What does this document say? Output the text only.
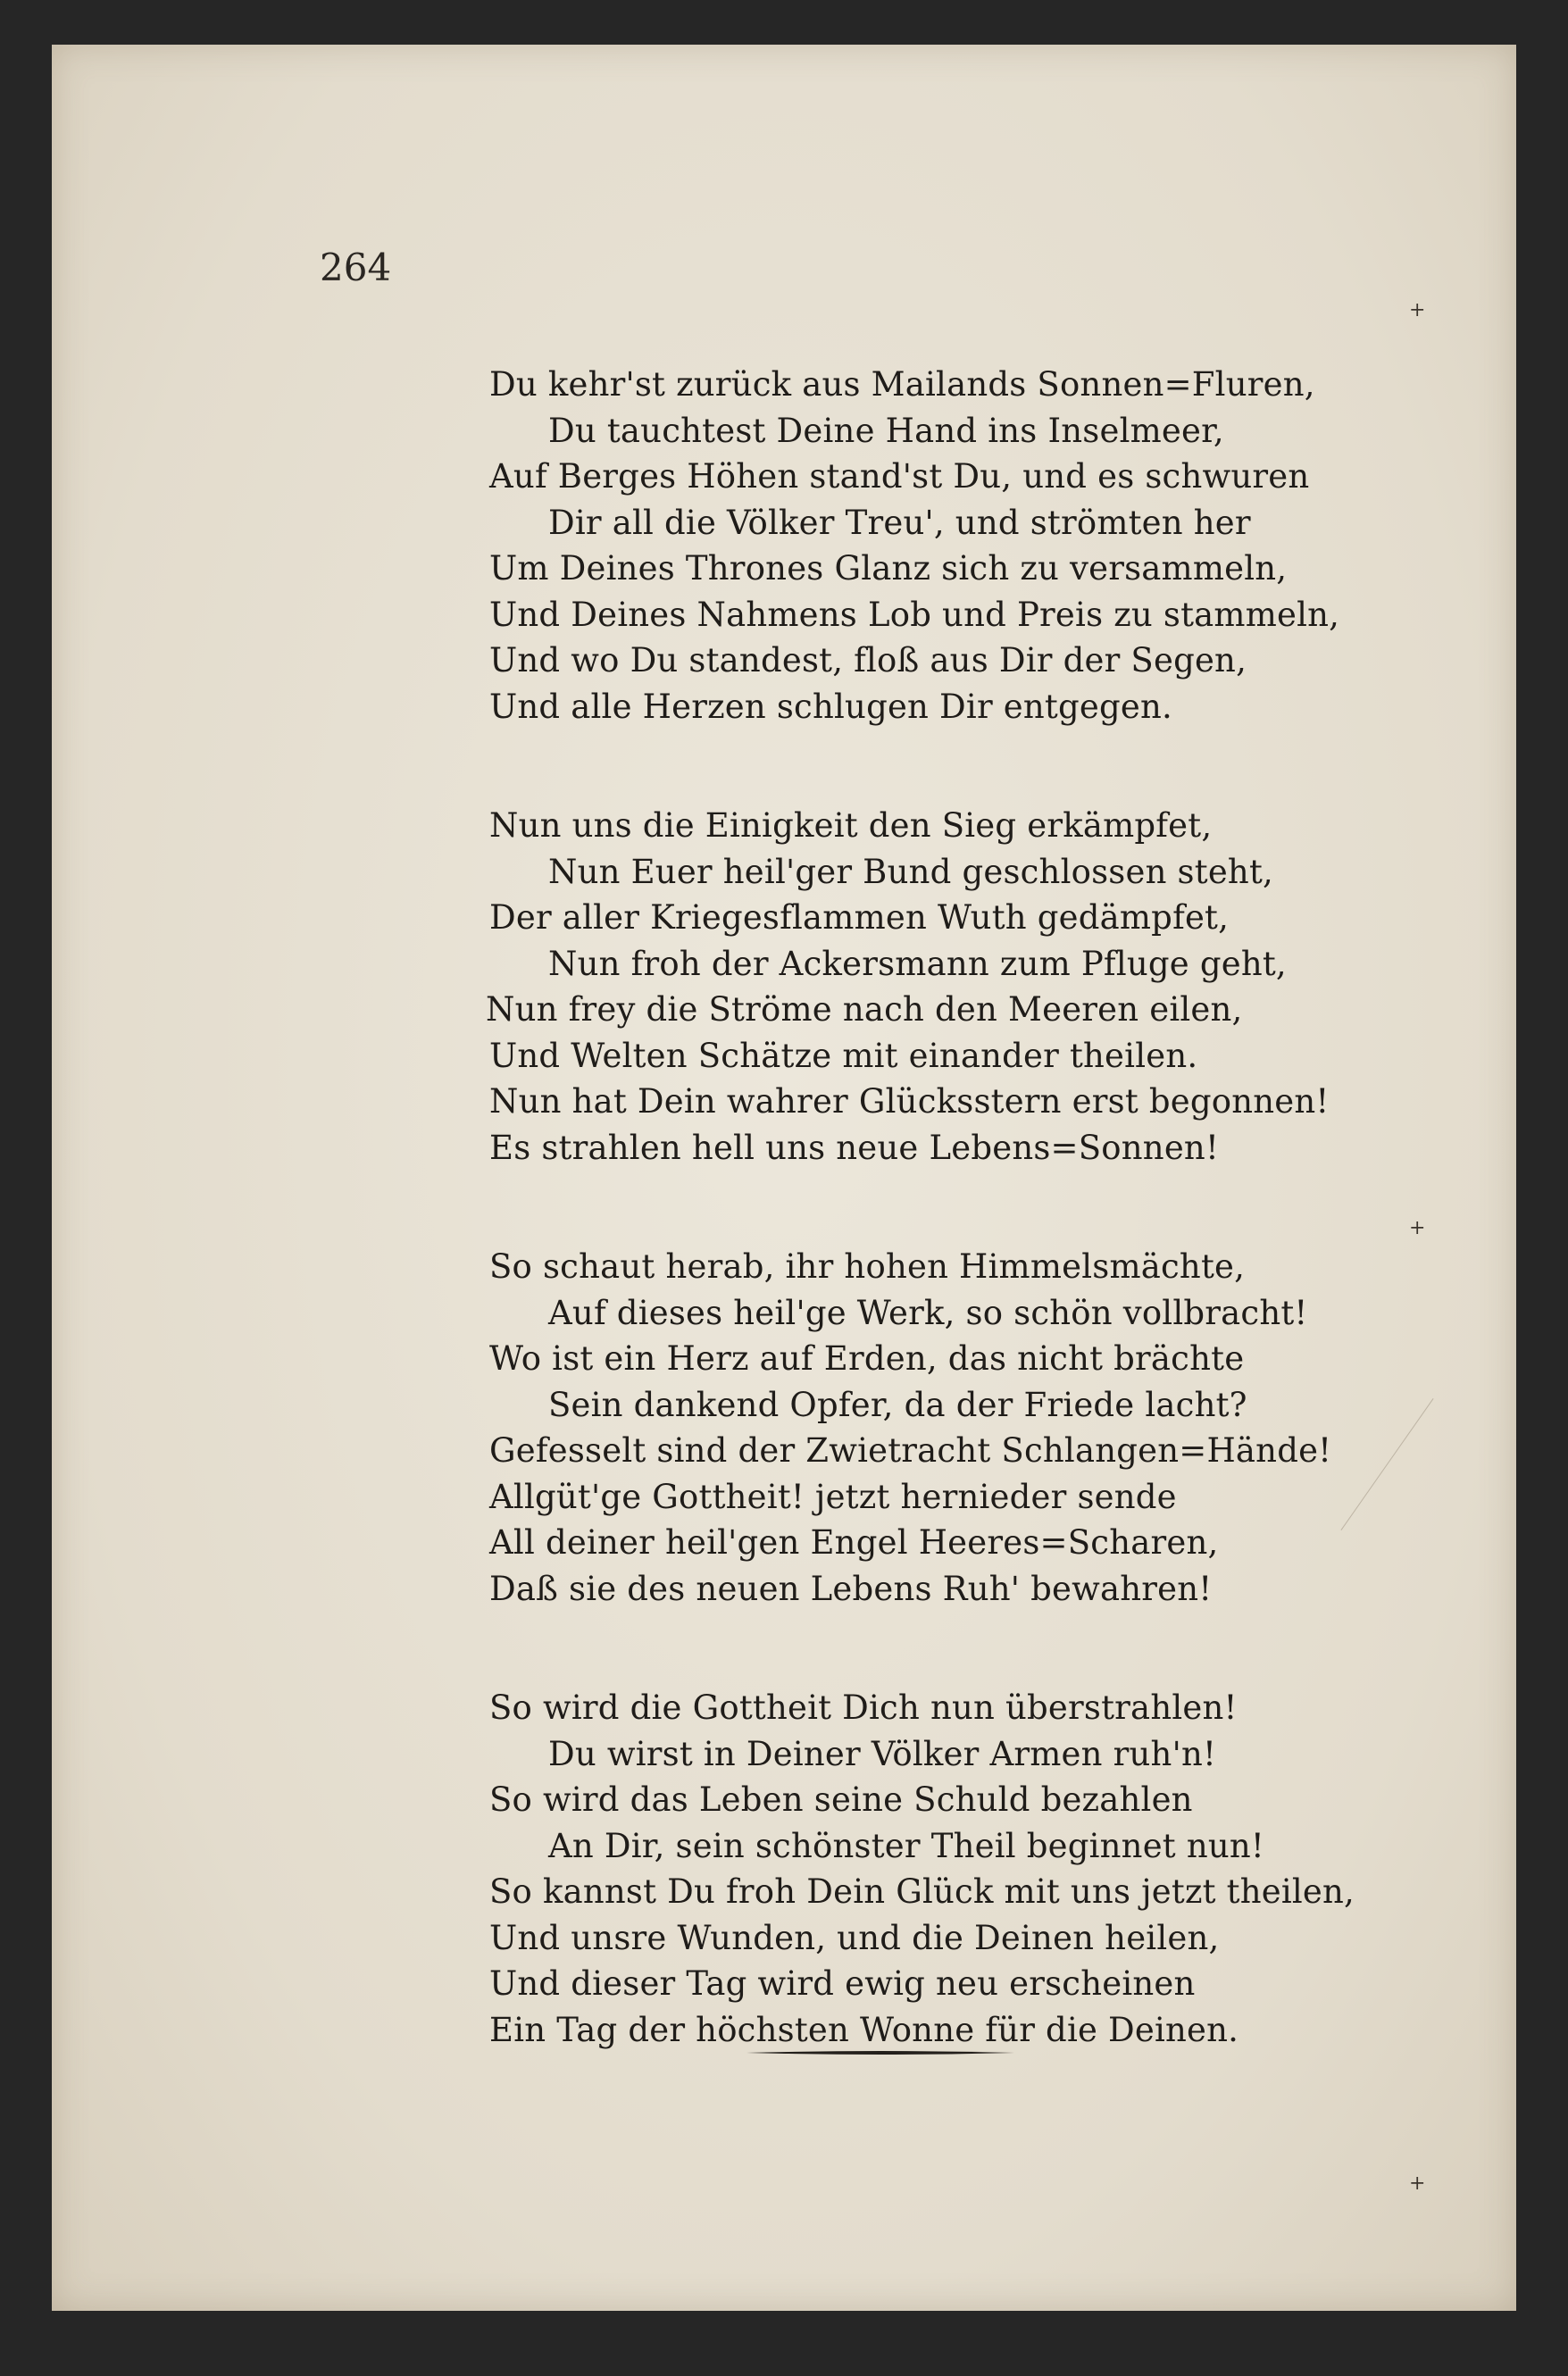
264
Du kehr'st zurück aus Mailands Sonnen=Fluren,
Du tauchtest Deine Hand ins Inselmeer,
Auf Berges Höhen stand'st Du, und es schwuren
Dir all die Völker Treu', und strömten her
Um Deines Thrones Glanz sich zu versammeln,
Und Deines Nahmens Lob und Preis zu stammeln,
Und wo Du standest, floß aus Dir der Segen,
Und alle Herzen schlugen Dir entgegen.
Nun uns die Einigkeit den Sieg erkämpfet,
Nun Euer heil'ger Bund geschlossen steht,
Der aller Kriegesflammen Wuth gedämpfet,
Nun froh der Ackersmann zum Pfluge geht,
Nun frey die Ströme nach den Meeren eilen,
Und Welten Schätze mit einander theilen.
Nun hat Dein wahrer Glücksstern erst begonnen!
Es strahlen hell uns neue Lebens=Sonnen!
So schaut herab, ihr hohen Himmelsmächte,
Auf dieses heil'ge Werk, so schön vollbracht!
Wo ist ein Herz auf Erden, das nicht brächte
Sein dankend Opfer, da der Friede lacht?
Gefesselt sind der Zwietracht Schlangen=Hände!
Allgüt'ge Gottheit! jetzt hernieder sende
All deiner heil'gen Engel Heeres=Scharen,
Daß sie des neuen Lebens Ruh' bewahren!
So wird die Gottheit Dich nun überstrahlen!
Du wirst in Deiner Völker Armen ruh'n!
So wird das Leben seine Schuld bezahlen
An Dir, sein schönster Theil beginnet nun!
So kannst Du froh Dein Glück mit uns jetzt theilen,
Und unsre Wunden, und die Deinen heilen,
Und dieser Tag wird ewig neu erscheinen
Ein Tag der höchsten Wonne für die Deinen.
+
+
+
